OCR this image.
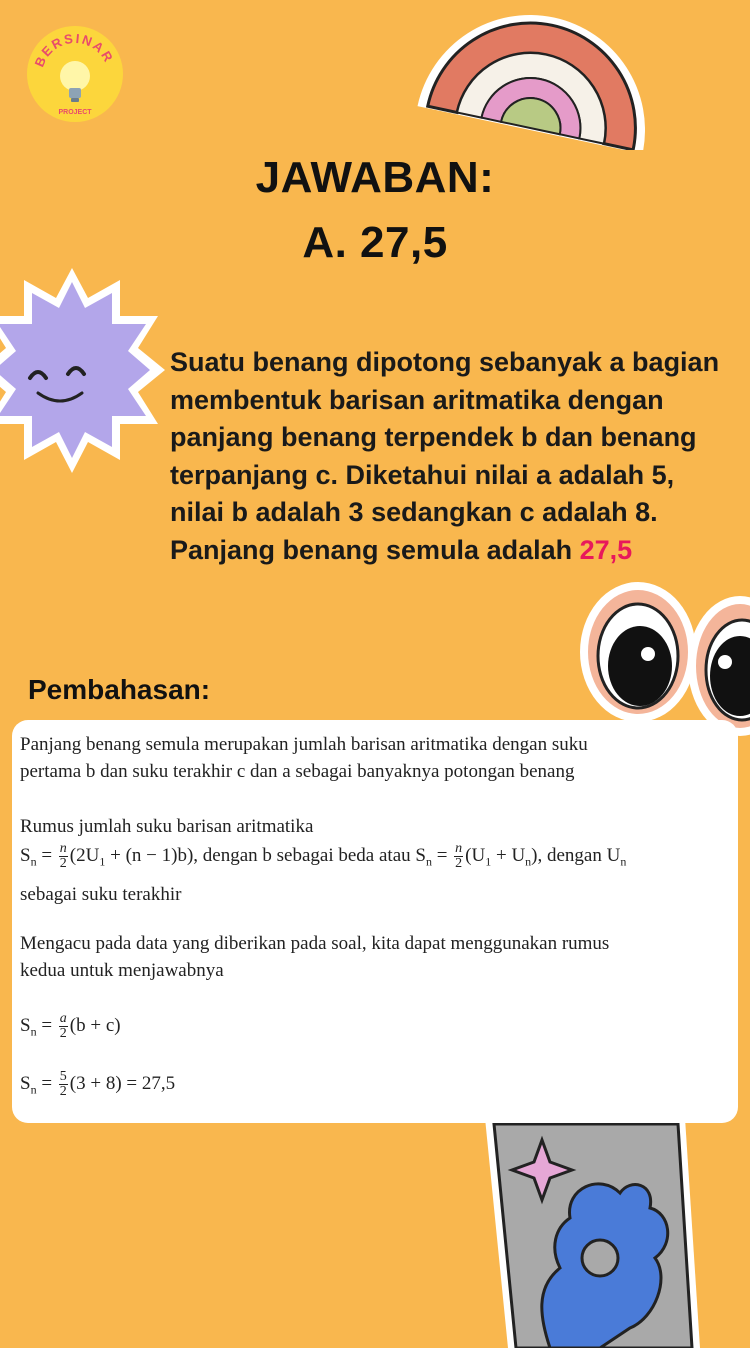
BERSINAR
PROJECT
JAWABAN:
A. 27,5
Suatu benang dipotong sebanyak a bagian membentuk barisan aritmatika dengan panjang benang terpendek b dan benang terpanjang c. Diketahui nilai a adalah 5, nilai b adalah 3 sedangkan c adalah 8. Panjang benang semula adalah 27,5
Pembahasan:
Panjang benang semula merupakan jumlah barisan aritmatika dengan suku
pertama b dan suku terakhir c dan a sebagai banyaknya potongan benang
Rumus jumlah suku barisan aritmatika
$S_n = \frac{n}{2} (2U_1 + (n - 1)b)$, dengan b sebagai beda atau $S_n = \frac{n}{2} (U_1 + U_n)$, dengan $U_n$
sebagai suku terakhir
Mengacu pada data yang diberikan pada soal, kita dapat menggunakan rumus
kedua untuk menjawabnya
$S_n = \frac{a}{2} (b + c)$
$S_n = \frac{5}{2} (3 + 8) = 27,5$
